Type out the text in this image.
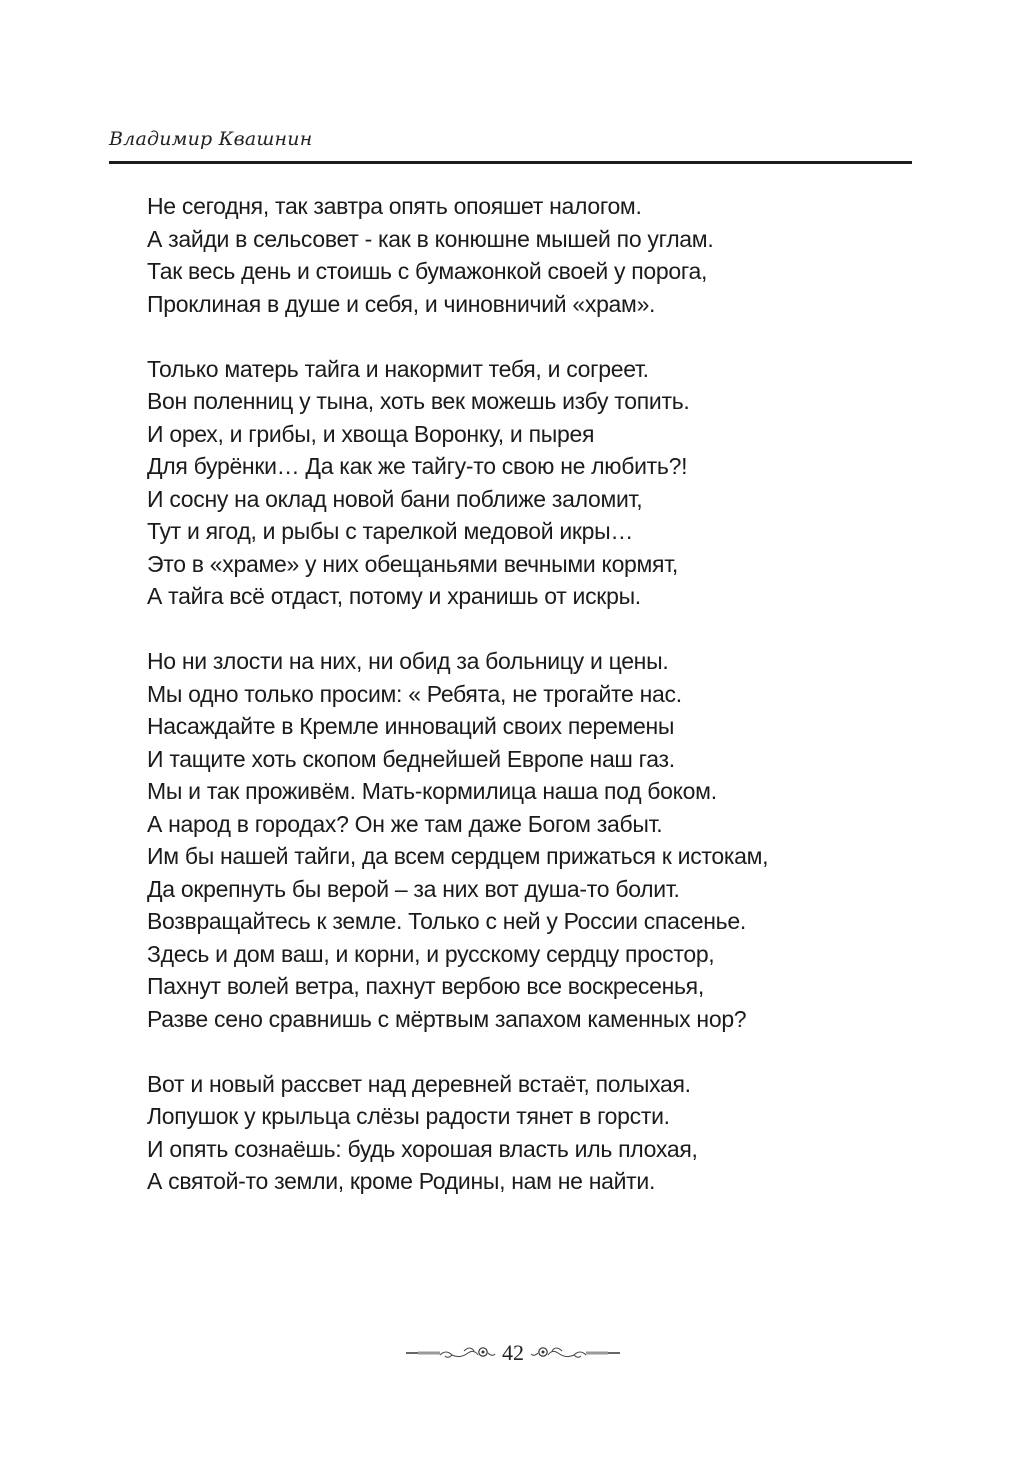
Владимир Квашнин
Не сегодня, так завтра опять опояшет налогом.
А зайди в сельсовет - как в конюшне мышей по углам.
Так весь день и стоишь с бумажонкой своей у порога,
Проклиная в душе и себя, и чиновничий «храм».
Только матерь тайга и накормит тебя, и согреет.
Вон поленниц у тына, хоть век можешь избу топить.
И орех, и грибы, и хвоща Воронку, и пырея
Для бурёнки… Да как же тайгу-то свою не любить?!
И сосну на оклад новой бани поближе заломит,
Тут и ягод, и рыбы с тарелкой медовой икры…
Это в «храме» у них обещаньями вечными кормят,
А тайга всё отдаст, потому и хранишь от искры.
Но ни злости на них, ни обид за больницу и цены.
Мы одно только просим: « Ребята, не трогайте нас.
Насаждайте в Кремле инноваций своих перемены
И тащите хоть скопом беднейшей Европе наш газ.
Мы и так проживём. Мать-кормилица наша под боком.
А народ в городах? Он же там даже Богом забыт.
Им бы нашей тайги, да всем сердцем прижаться к истокам,
Да окрепнуть бы верой – за них вот душа-то болит.
Возвращайтесь к земле. Только с ней у России спасенье.
Здесь и дом ваш, и корни, и русскому сердцу простор,
Пахнут волей ветра, пахнут вербою все воскресенья,
Разве сено сравнишь с мёртвым запахом каменных нор?
Вот и новый рассвет над деревней встаёт, полыхая.
Лопушок у крыльца слёзы радости тянет в горсти.
И опять сознаёшь: будь хорошая власть иль плохая,
А святой-то земли, кроме Родины, нам не найти.
42
